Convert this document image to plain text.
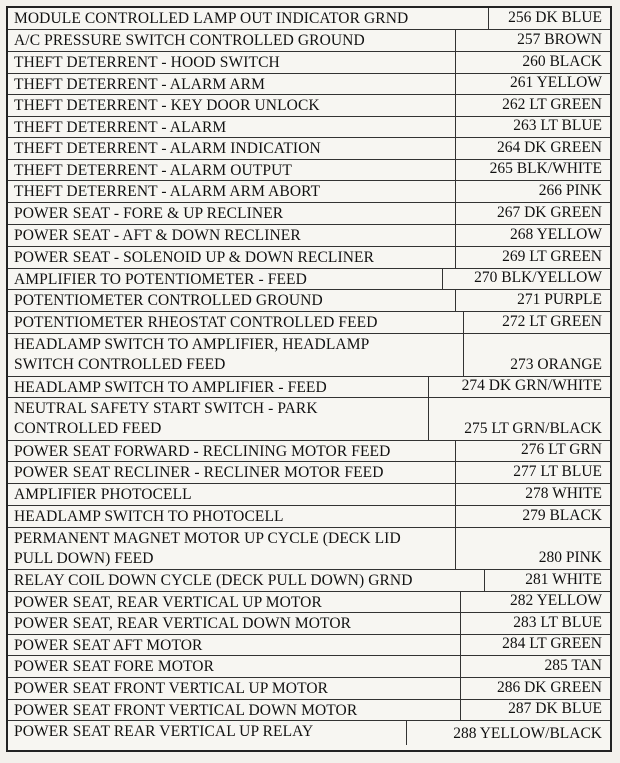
MODULE CONTROLLED LAMP OUT INDICATOR GRND	256 DK BLUE
A/C PRESSURE SWITCH CONTROLLED GROUND	257 BROWN
THEFT DETERRENT - HOOD SWITCH	260 BLACK
THEFT DETERRENT - ALARM ARM	261 YELLOW
THEFT DETERRENT - KEY DOOR UNLOCK	262 LT GREEN
THEFT DETERRENT - ALARM	263 LT BLUE
THEFT DETERRENT - ALARM INDICATION	264 DK GREEN
THEFT DETERRENT - ALARM OUTPUT	265 BLK/WHITE
THEFT DETERRENT - ALARM ARM ABORT	266 PINK
POWER SEAT - FORE & UP RECLINER	267 DK GREEN
POWER SEAT - AFT & DOWN RECLINER	268 YELLOW
POWER SEAT - SOLENOID UP & DOWN RECLINER	269 LT GREEN
AMPLIFIER TO POTENTIOMETER - FEED	270 BLK/YELLOW
POTENTIOMETER CONTROLLED GROUND	271 PURPLE
POTENTIOMETER RHEOSTAT CONTROLLED FEED	272 LT GREEN
HEADLAMP SWITCH TO AMPLIFIER, HEADLAMP
SWITCH CONTROLLED FEED	273 ORANGE
HEADLAMP SWITCH TO AMPLIFIER - FEED	274 DK GRN/WHITE
NEUTRAL SAFETY START SWITCH - PARK
CONTROLLED FEED	275 LT GRN/BLACK
POWER SEAT FORWARD - RECLINING MOTOR FEED	276 LT GRN
POWER SEAT RECLINER - RECLINER MOTOR FEED	277 LT BLUE
AMPLIFIER PHOTOCELL	278 WHITE
HEADLAMP SWITCH TO PHOTOCELL	279 BLACK
PERMANENT MAGNET MOTOR UP CYCLE (DECK LID
PULL DOWN) FEED	280 PINK
RELAY COIL DOWN CYCLE (DECK PULL DOWN) GRND	281 WHITE
POWER SEAT, REAR VERTICAL UP MOTOR	282 YELLOW
POWER SEAT, REAR VERTICAL DOWN MOTOR	283 LT BLUE
POWER SEAT AFT MOTOR	284 LT GREEN
POWER SEAT FORE MOTOR	285 TAN
POWER SEAT FRONT VERTICAL UP MOTOR	286 DK GREEN
POWER SEAT FRONT VERTICAL DOWN MOTOR	287 DK BLUE
POWER SEAT REAR VERTICAL UP RELAY	288 YELLOW/BLACK
